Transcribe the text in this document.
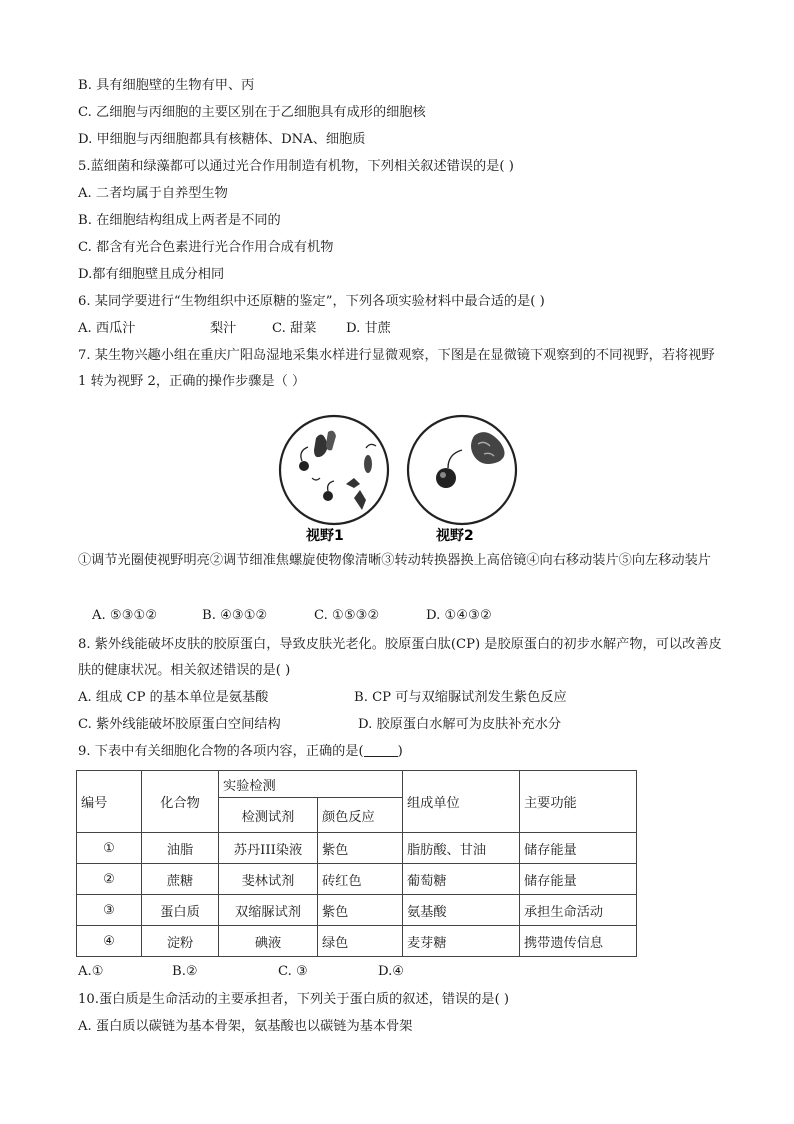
B. 具有细胞壁的生物有甲、丙
C. 乙细胞与丙细胞的主要区别在于乙细胞具有成形的细胞核
D. 甲细胞与丙细胞都具有核糖体、DNA、细胞质
5.蓝细菌和绿藻都可以通过光合作用制造有机物，下列相关叙述错误的是( )
A. 二者均属于自养型生物
B. 在细胞结构组成上两者是不同的
C. 都含有光合色素进行光合作用合成有机物
D.都有细胞壁且成分相同
6. 某同学要进行“生物组织中还原糖的鉴定”，下列各项实验材料中最合适的是( )
A. 西瓜汁	梨汁	C. 甜菜 D. 甘蔗
7. 某生物兴趣小组在重庆广阳岛湿地采集水样进行显微观察，下图是在显微镜下观察到的不同视野，若将视野 1 转为视野 2，正确的操作步骤是（ ）
视野1	视野2
①调节光圈使视野明亮②调节细准焦螺旋使物像清晰③转动转换器换上高倍镜④向右移动装片⑤向左移动装片
A. ⑤③①②	B. ④③①②	C. ①⑤③②	D. ①④③②
8. 紫外线能破坏皮肤的胶原蛋白，导致皮肤光老化。胶原蛋白肽(CP) 是胶原蛋白的初步水解产物，可以改善皮肤的健康状况。相关叙述错误的是( )
A. 组成 CP 的基本单位是氨基酸	B. CP 可与双缩脲试剂发生紫色反应
C. 紫外线能破坏胶原蛋白空间结构	D. 胶原蛋白水解可为皮肤补充水分
9. 下表中有关细胞化合物的各项内容，正确的是(	)
编号	化合物	实验检测		组成单位	主要功能
		检测试剂	颜色反应		
①	油脂	苏丹III染液	紫色	脂肪酸、甘油	储存能量
②	蔗糖	斐林试剂	砖红色	葡萄糖	储存能量
③	蛋白质	双缩脲试剂	紫色	氨基酸	承担生命活动
④	淀粉	碘液	绿色	麦芽糖	携带遗传信息
A.①	B.②	C. ③	D.④
10.蛋白质是生命活动的主要承担者，下列关于蛋白质的叙述，错误的是( )
A. 蛋白质以碳链为基本骨架，氨基酸也以碳链为基本骨架
